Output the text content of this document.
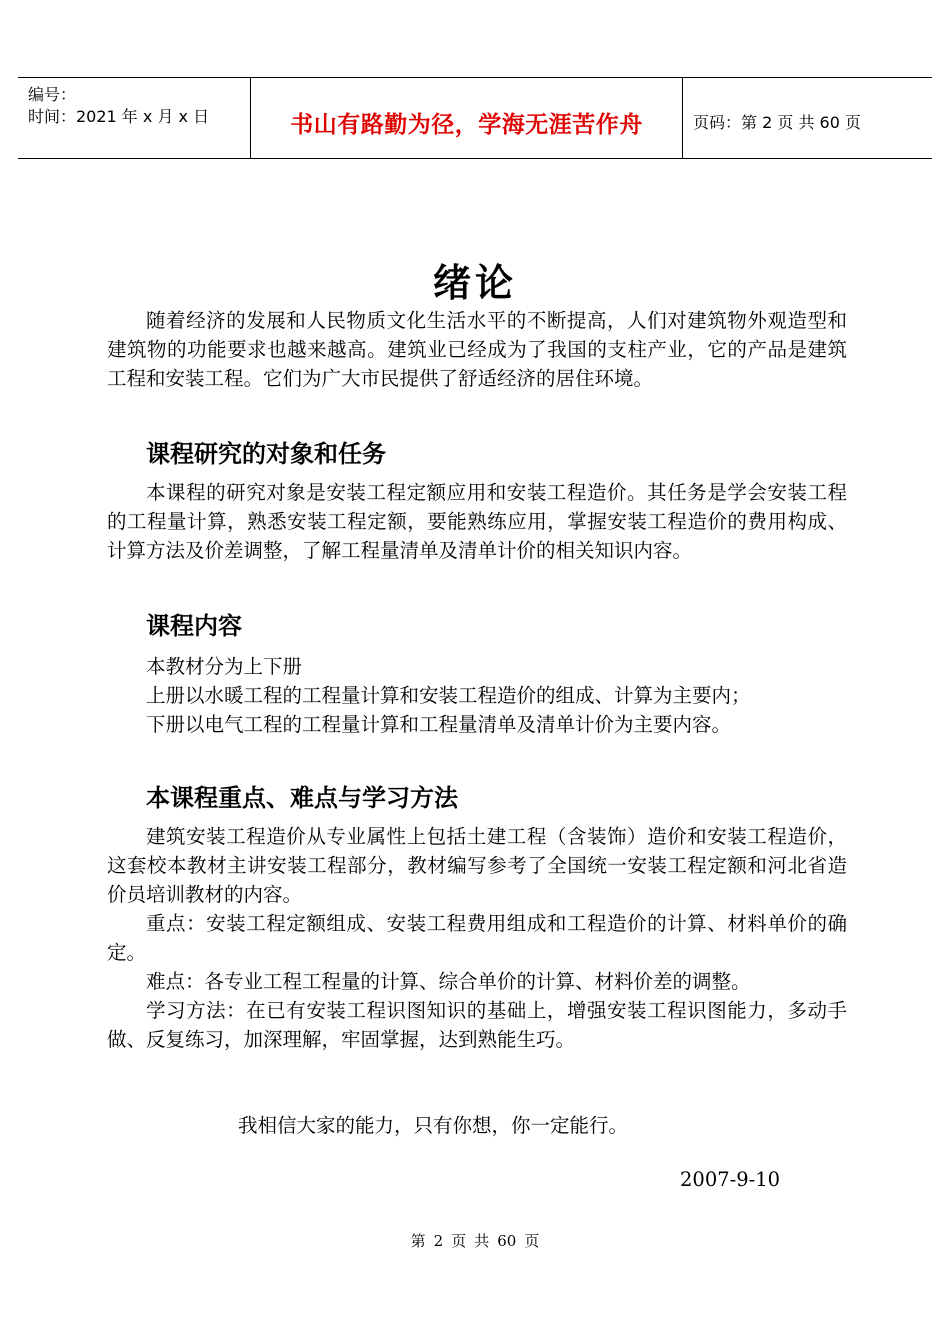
编号：
时间：2021 年 x 月 x 日	书山有路勤为径，学海无涯苦作舟	页码：第 2 页 共 60 页
绪论
随着经济的发展和人民物质文化生活水平的不断提高，人们对建筑物外观造型和建筑物的功能要求也越来越高。建筑业已经成为了我国的支柱产业，它的产品是建筑工程和安装工程。它们为广大市民提供了舒适经济的居住环境。
课程研究的对象和任务
本课程的研究对象是安装工程定额应用和安装工程造价。其任务是学会安装工程的工程量计算，熟悉安装工程定额，要能熟练应用，掌握安装工程造价的费用构成、计算方法及价差调整，了解工程量清单及清单计价的相关知识内容。
课程内容
本教材分为上下册
上册以水暖工程的工程量计算和安装工程造价的组成、计算为主要内；
下册以电气工程的工程量计算和工程量清单及清单计价为主要内容。
本课程重点、难点与学习方法
建筑安装工程造价从专业属性上包括土建工程（含装饰）造价和安装工程造价，这套校本教材主讲安装工程部分，教材编写参考了全国统一安装工程定额和河北省造价员培训教材的内容。
重点：安装工程定额组成、安装工程费用组成和工程造价的计算、材料单价的确定。
难点：各专业工程工程量的计算、综合单价的计算、材料价差的调整。
学习方法：在已有安装工程识图知识的基础上，增强安装工程识图能力，多动手做、反复练习，加深理解，牢固掌握，达到熟能生巧。
我相信大家的能力，只有你想，你一定能行。
2007-9-10
第 2 页 共 60 页
